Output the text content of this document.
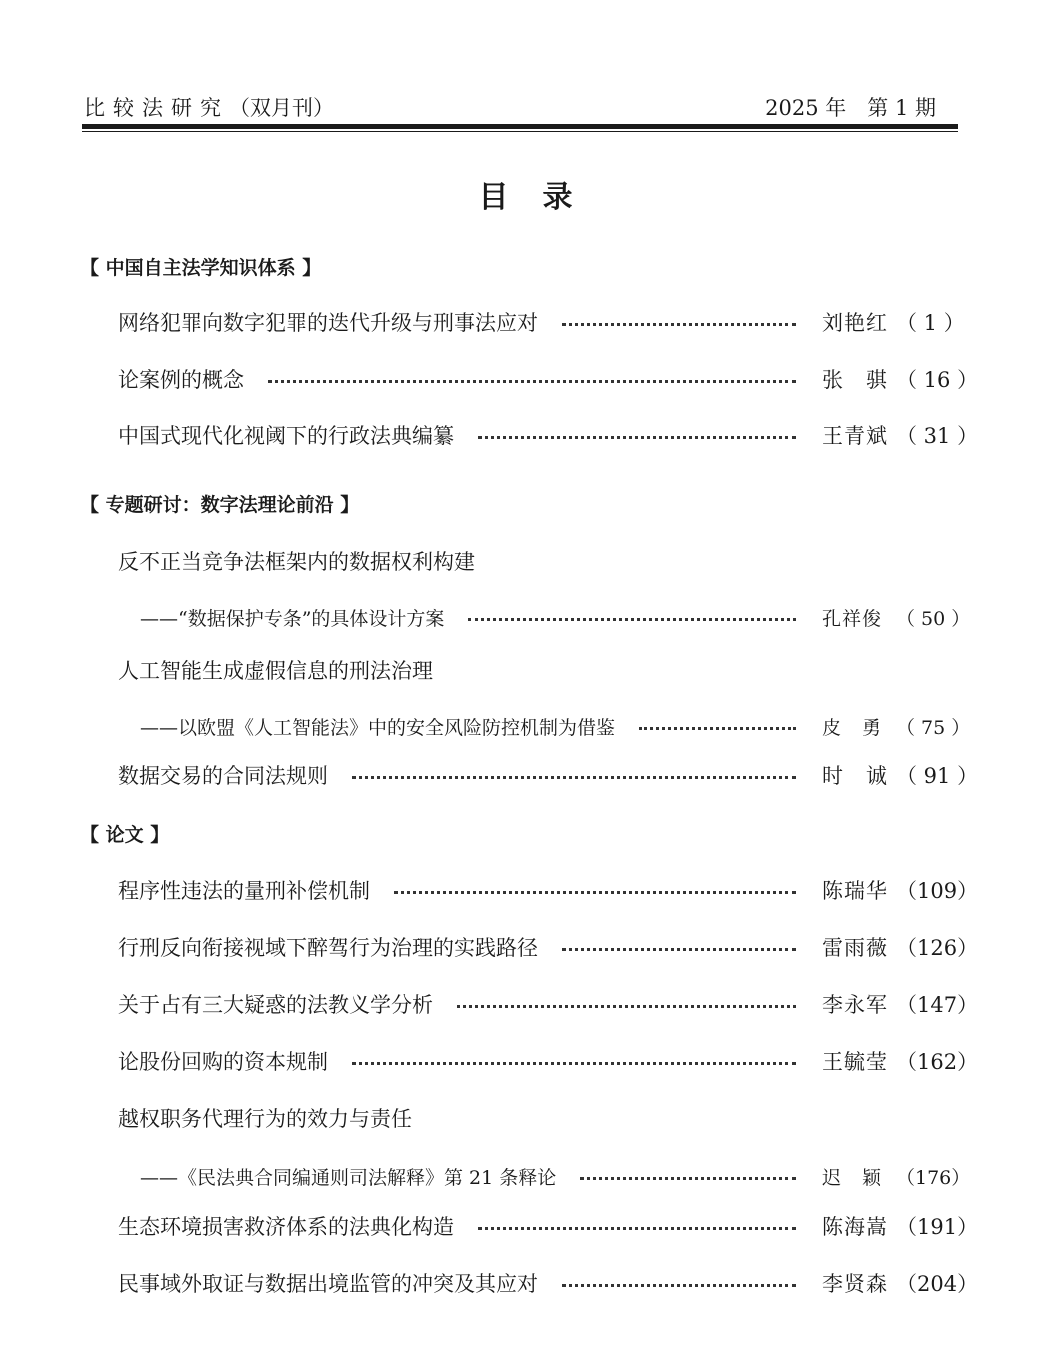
比较法研究（双月刊）	2025 年　第 1 期
目录
【 中国自主法学知识体系 】
网络犯罪向数字犯罪的迭代升级与刑事法应对	刘艳红 （ 1 ）
论案例的概念	张　骐 （ 16 ）
中国式现代化视阈下的行政法典编纂	王青斌 （ 31 ）
【 专题研讨：数字法理论前沿 】
反不正当竞争法框架内的数据权利构建
——“数据保护专条”的具体设计方案	孔祥俊 （ 50 ）
人工智能生成虚假信息的刑法治理
——以欧盟《人工智能法》中的安全风险防控机制为借鉴	皮　勇 （ 75 ）
数据交易的合同法规则	时　诚 （ 91 ）
【 论文 】
程序性违法的量刑补偿机制	陈瑞华 （109）
行刑反向衔接视域下醉驾行为治理的实践路径	雷雨薇 （126）
关于占有三大疑惑的法教义学分析	李永军 （147）
论股份回购的资本规制	王毓莹 （162）
越权职务代理行为的效力与责任
——《民法典合同编通则司法解释》第 21 条释论	迟　颖 （176）
生态环境损害救济体系的法典化构造	陈海嵩 （191）
民事域外取证与数据出境监管的冲突及其应对	李贤森 （204）
